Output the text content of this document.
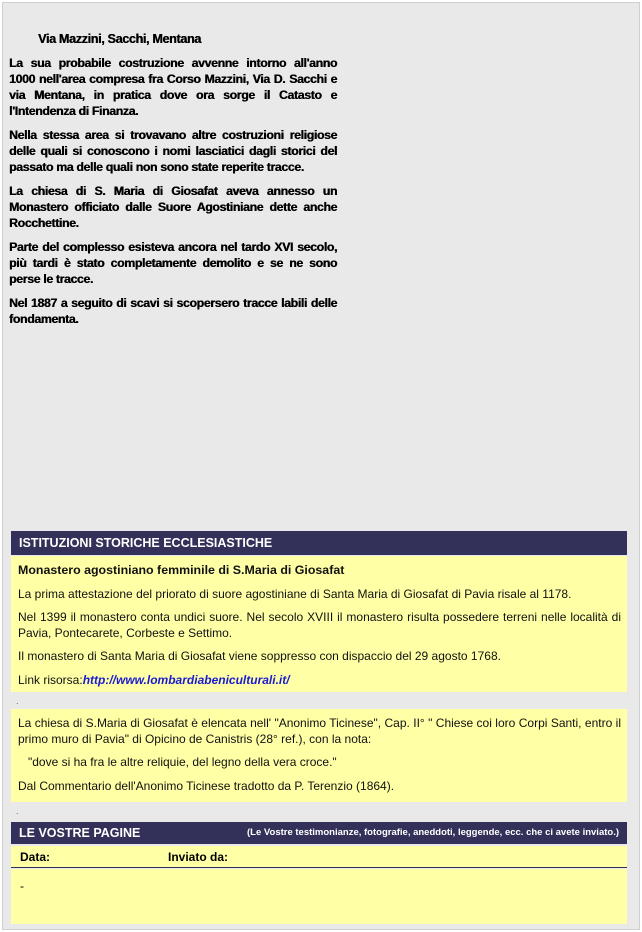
Via Mazzini, Sacchi, Mentana

La sua probabile costruzione avvenne intorno all'anno 1000 nell'area compresa fra Corso Mazzini, Via D. Sacchi e via Mentana, in pratica dove ora sorge il Catasto e l'Intendenza di Finanza.

Nella stessa area si trovavano altre costruzioni religiose delle quali si conoscono i nomi lasciatici dagli storici del passato ma delle quali non sono state reperite tracce.

La chiesa di S. Maria di Giosafat aveva annesso un Monastero officiato dalle Suore Agostiniane dette anche Rocchettine.

Parte del complesso esisteva ancora nel tardo XVI secolo, più tardi è stato completamente demolito e se ne sono perse le tracce.

Nel 1887 a seguito di scavi si scopersero tracce labili delle fondamenta.

ISTITUZIONI STORICHE ECCLESIASTICHE

Monastero agostiniano femminile di S.Maria di Giosafat

La prima attestazione del priorato di suore agostiniane di Santa Maria di Giosafat di Pavia risale al 1178.

Nel 1399 il monastero conta undici suore. Nel secolo XVIII il monastero risulta possedere terreni nelle località di Pavia, Pontecarete, Corbeste e Settimo.

Il monastero di Santa Maria di Giosafat viene soppresso con dispaccio del 29 agosto 1768.

Link risorsa:http://www.lombardiabeniculturali.it/

.

La chiesa di S.Maria di Giosafat è elencata nell' "Anonimo Ticinese", Cap. II° " Chiese coi loro Corpi Santi, entro il primo muro di Pavia" di Opicino de Canistris (28° ref.), con la nota:

"dove si ha fra le altre reliquie, del legno della vera croce."

Dal Commentario dell'Anonimo Ticinese tradotto da P. Terenzio (1864).

.
LE VOSTRE PAGINE	(Le Vostre testimonianze, fotografie, aneddoti, leggende, ecc. che ci avete inviato.)
Data:	Inviato da:
-
